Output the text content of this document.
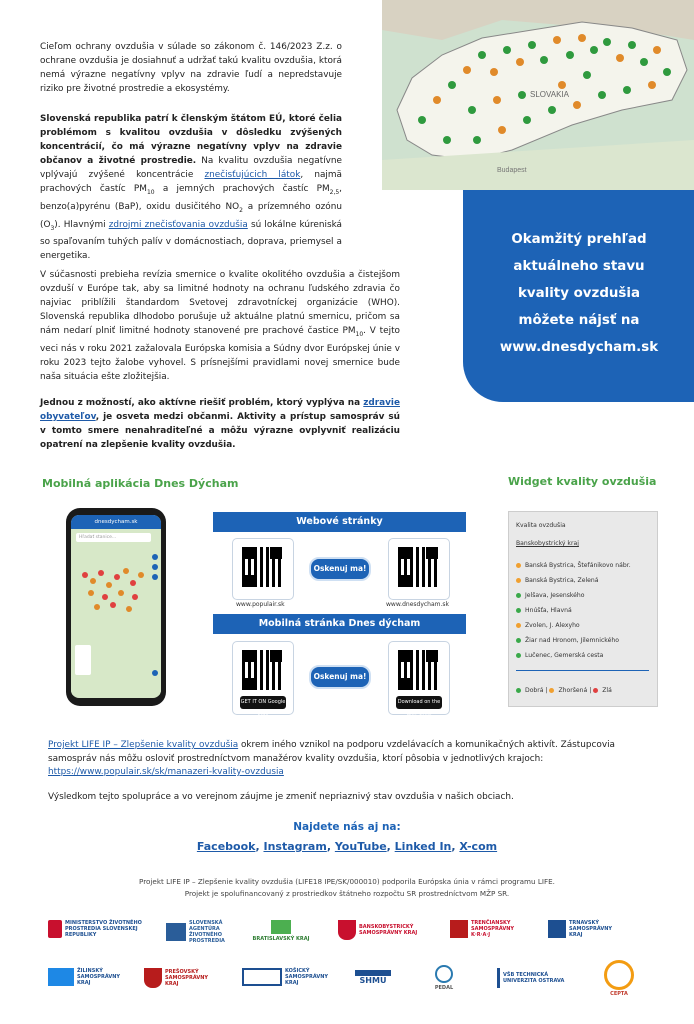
SLOVAKIA
Budapest
Okamžitý prehľad
aktuálneho stavu
kvality ovzdušia
môžete nájsť na
www.dnesdycham.sk
Cieľom ochrany ovzdušia v súlade so zákonom č. 146/2023 Z.z. o ochrane ovzdušia je dosiahnuť a udržať takú kvalitu ovzdušia, ktorá nemá výrazne negatívny vplyv na zdravie ľudí a nepredstavuje riziko pre životné prostredie a ekosystémy.
Slovenská republika patrí k členským štátom EÚ, ktoré čelia problémom s kvalitou ovzdušia v dôsledku zvýšených koncentrácií, čo má výrazne negatívny vplyv na zdravie občanov a životné prostredie. Na kvalitu ovzdušia negatívne vplývajú zvýšené koncentrácie znečisťujúcich látok, najmä prachových častíc $PM_{10}$ a jemných prachových častíc $PM_{2,5}$, benzo(a)pyrénu (BaP), oxidu dusičitého $NO_2$ a prízemného ozónu $(O_3)$. Hlavnými zdrojmi znečisťovania ovzdušia sú lokálne kúreniská so spaľovaním tuhých palív v domácnostiach, doprava, priemysel a energetika.
V súčasnosti prebieha revízia smernice o kvalite okolitého ovzdušia a čistejšom ovzduší v Európe tak, aby sa limitné hodnoty na ochranu ľudského zdravia čo najviac priblížili štandardom Svetovej zdravotníckej organizácie (WHO). Slovenská republika dlhodobo porušuje už aktuálne platnú smernicu, pričom sa nám nedarí plniť limitné hodnoty stanovené pre prachové častice $PM_{10}$. V tejto veci nás v roku 2021 zažalovala Európska komisia a Súdny dvor Európskej únie v roku 2023 tejto žalobe vyhovel. S prísnejšími pravidlami novej smernice bude naša situácia ešte zložitejšia.
Jednou z možností, ako aktívne riešiť problém, ktorý vyplýva na zdravie obyvateľov, je osveta medzi občanmi. Aktivity a prístup samospráv sú v tomto smere nenahraditeľné a môžu výrazne ovplyvniť realizáciu opatrení na zlepšenie kvality ovzdušia.
Mobilná aplikácia Dnes Dýcham	Widget kvality ovzdušia
dnesdycham.sk
Hľadať stanice...
Webové stránky
Oskenuj ma!
www.populair.sk	www.dnesdycham.sk
Mobilná stránka Dnes dýcham
GET IT ON Google Play
Download on the App Store
Oskenuj ma!
Kvalita ovzdušia
Banskobystrický kraj
Banská Bystrica, Štefánikovo nábr.
Banská Bystrica, Zelená
Jelšava, Jesenského
Hnúšťa, Hlavná
Zvolen, J. Alexyho
Žiar nad Hronom, Jilemnického
Lučenec, Gemerská cesta
Dobrá | Zhoršená | Zlá
Projekt LIFE IP – Zlepšenie kvality ovzdušia okrem iného vznikol na podporu vzdelávacích a komunikačných aktivít. Zástupcovia samospráv nás môžu osloviť prostredníctvom manažérov kvality ovzdušia, ktorí pôsobia v jednotlivých krajoch: https://www.populair.sk/sk/manazeri-kvality-ovzdusia
Výsledkom tejto spolupráce a vo verejnom záujme je zmeniť nepriaznivý stav ovzdušia v našich obciach.
Najdete nás aj na:
Facebook, Instagram, YouTube, Linked In, X-com
Projekt LIFE IP – Zlepšenie kvality ovzdušia (LIFE18 IPE/SK/000010) podporila Európska únia v rámci programu LIFE.
Projekt je spolufinancovaný z prostriedkov štátneho rozpočtu SR prostredníctvom MŽP SR.
MINISTERSTVO ŽIVOTNÉHO PROSTREDIA SLOVENSKEJ REPUBLIKY
SLOVENSKÁ AGENTÚRA ŽIVOTNÉHO PROSTREDIA	BRATISLAVSKÝ KRAJ
BANSKOBYSTRICKÝ SAMOSPRÁVNY KRAJ
TRENČIANSKY SAMOSPRÁVNY K·R·A·J
TRNAVSKÝ SAMOSPRÁVNY KRAJ
ŽILINSKÝ SAMOSPRÁVNY KRAJ
PREŠOVSKÝ SAMOSPRÁVNY KRAJ
KOŠICKÝ SAMOSPRÁVNY KRAJ	SHMU
PEDAL
VŠB TECHNICKÁ UNIVERZITA OSTRAVA
CEPTA
